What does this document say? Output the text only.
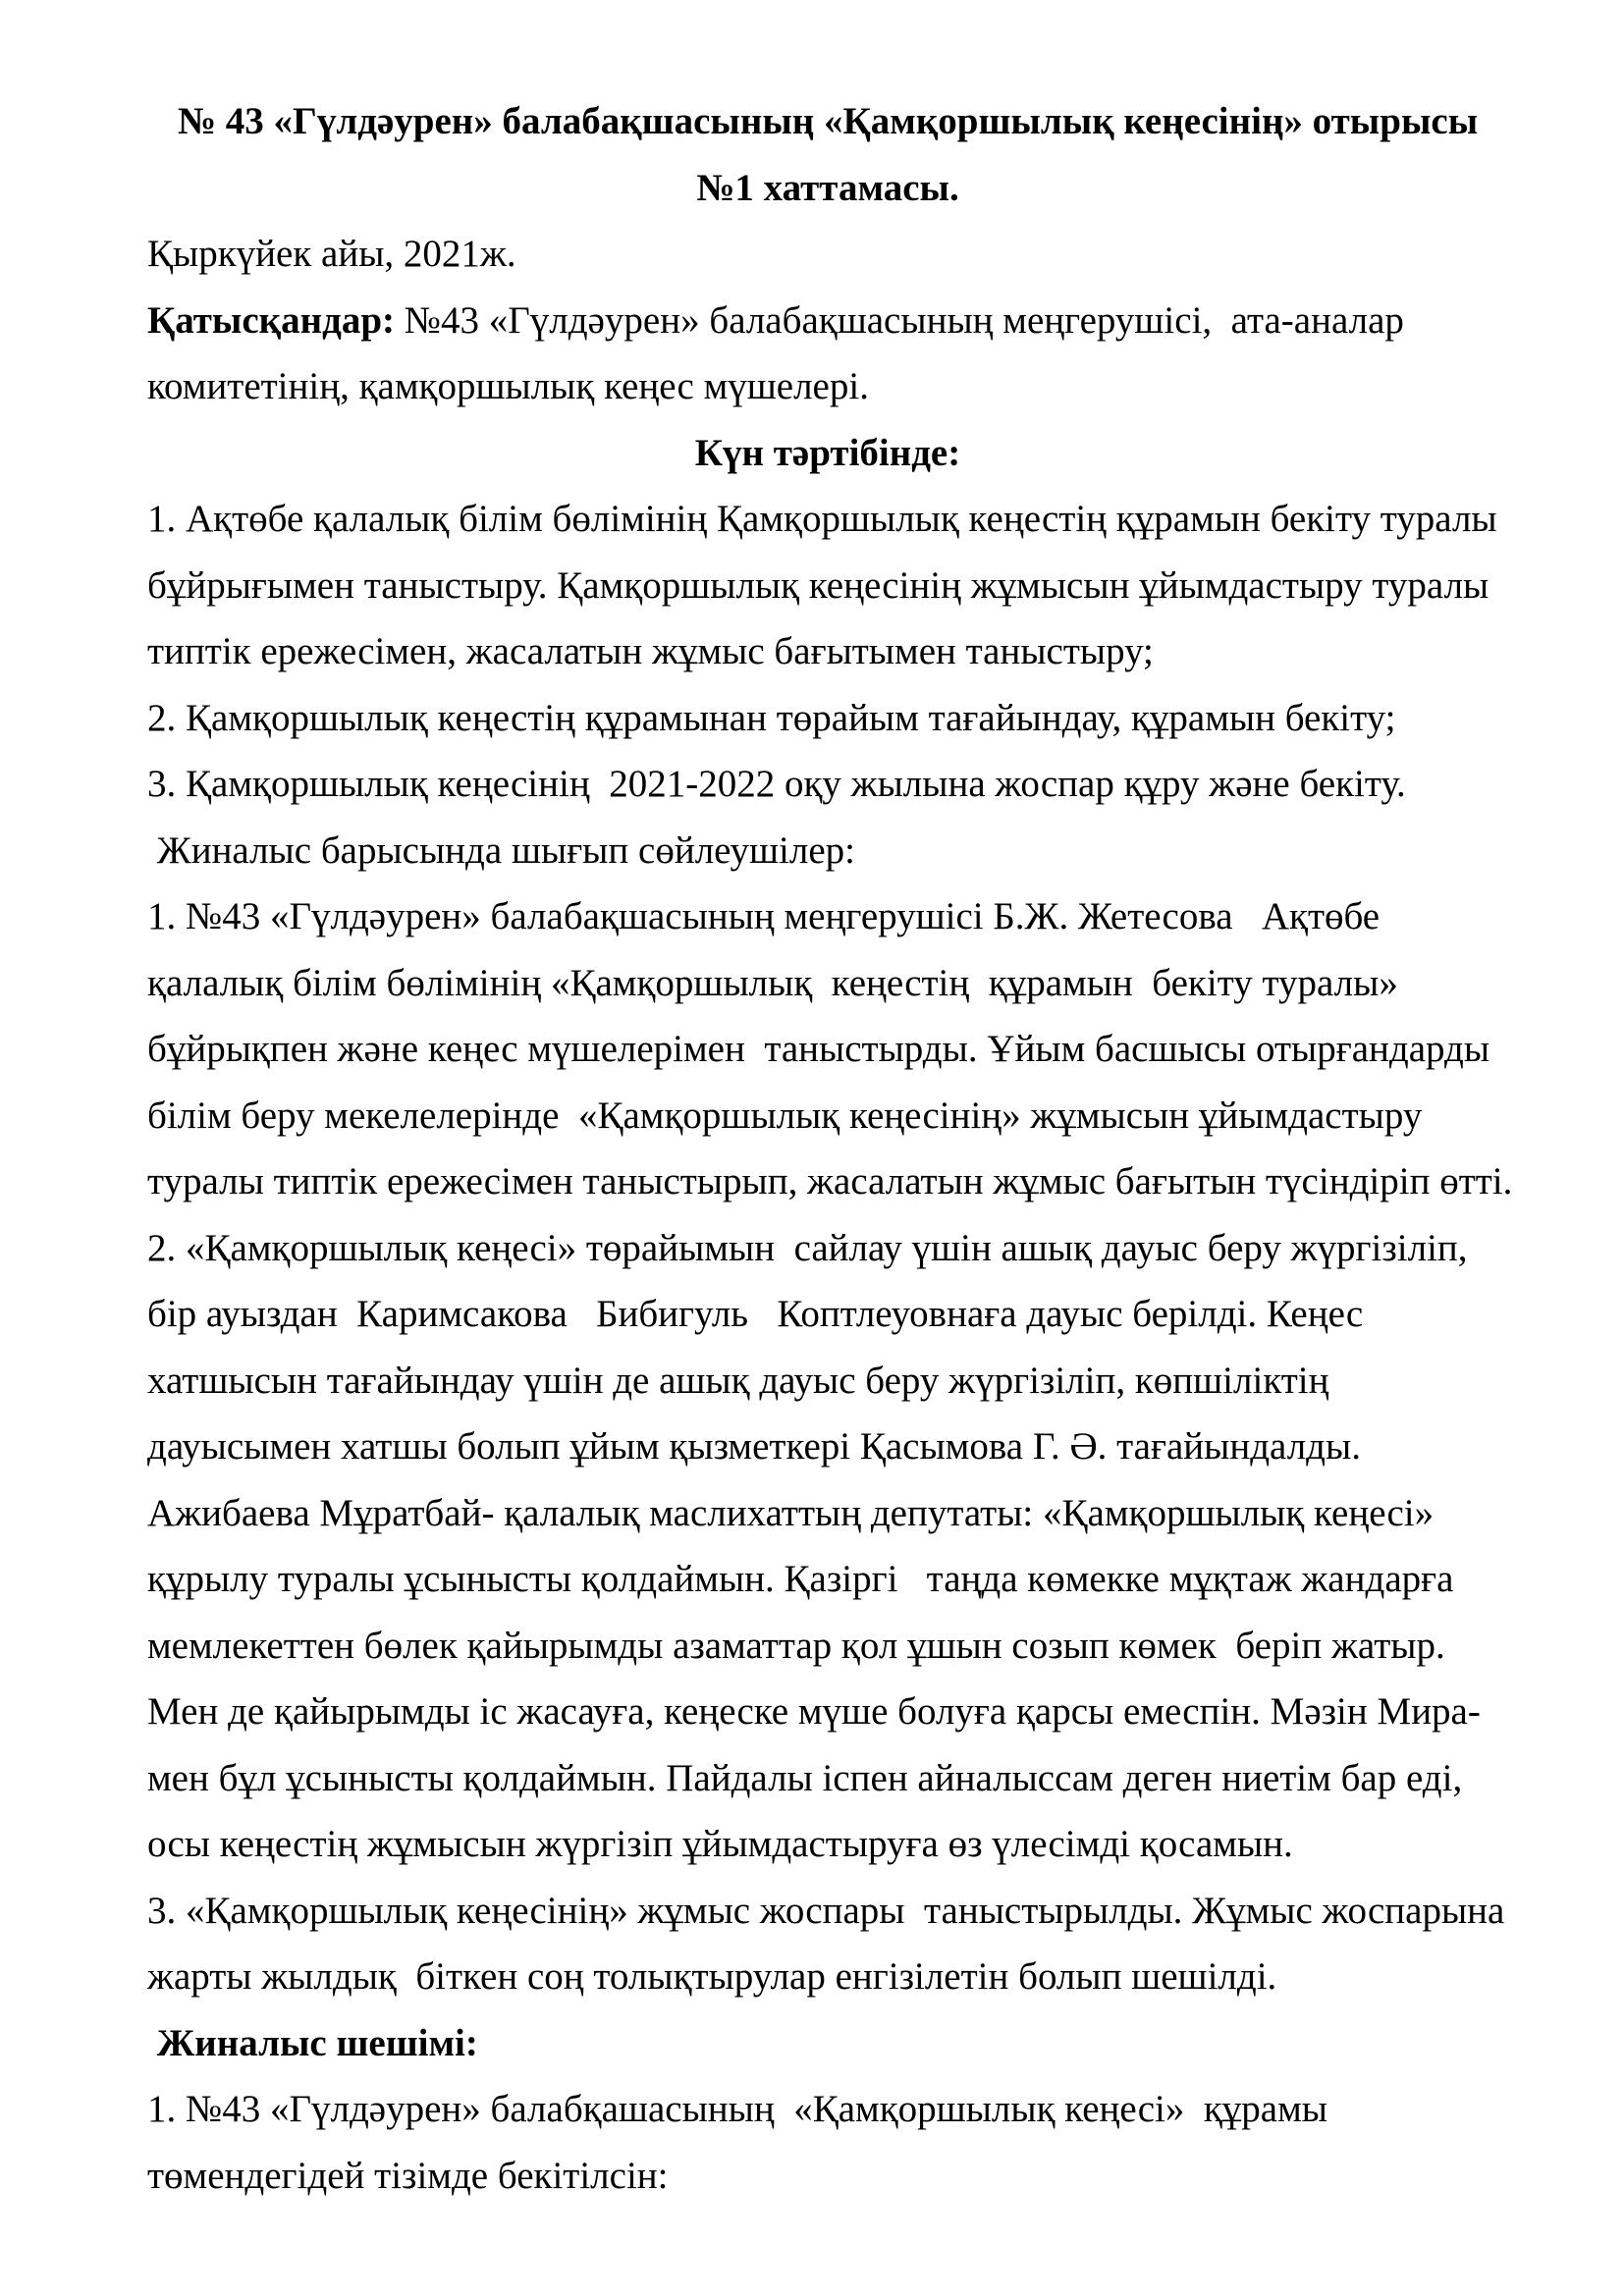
№ 43 «Гүлдәурен» балабақшасының «Қамқоршылық кеңесінің» отырысы
№1 хаттамасы.
Қыркүйек айы, 2021ж.
Қатысқандар: №43 «Гүлдәурен» балабақшасының меңгерушісі,  ата-аналар
комитетінің, қамқоршылық кеңес мүшелері.
Күн тәртібінде:
1. Ақтөбе қалалық білім бөлімінің Қамқоршылық кеңестің құрамын бекіту туралы
бұйрығымен таныстыру. Қамқоршылық кеңесінің жұмысын ұйымдастыру туралы
типтік ережесімен, жасалатын жұмыс бағытымен таныстыру;
2. Қамқоршылық кеңестің құрамынан төрайым тағайындау, құрамын бекіту;
3. Қамқоршылық кеңесінің  2021-2022 оқу жылына жоспар құру және бекіту.
Жиналыс барысында шығып сөйлеушілер:
1. №43 «Гүлдәурен» балабақшасының меңгерушісі Б.Ж. Жетесова   Ақтөбе
қалалық білім бөлімінің «Қамқоршылық  кеңестің  құрамын  бекіту туралы»
бұйрықпен және кеңес мүшелерімен  таныстырды. Ұйым басшысы отырғандарды
білім беру мекелелерінде  «Қамқоршылық кеңесінің» жұмысын ұйымдастыру
туралы типтік ережесімен таныстырып, жасалатын жұмыс бағытын түсіндіріп өтті.
2. «Қамқоршылық кеңесі» төрайымын  сайлау үшін ашық дауыс беру жүргізіліп,
бір ауыздан  Каримсакова   Бибигуль   Коптлеуовнаға дауыс берілді. Кеңес
хатшысын тағайындау үшін де ашық дауыс беру жүргізіліп, көпшіліктің
дауысымен хатшы болып ұйым қызметкері Қасымова Г. Ә. тағайындалды.
Ажибаева Мұратбай- қалалық маслихаттың депутаты: «Қамқоршылық кеңесі»
құрылу туралы ұсынысты қолдаймын. Қазіргі   таңда көмекке мұқтаж жандарға
мемлекеттен бөлек қайырымды азаматтар қол ұшын созып көмек  беріп жатыр.
Мен де қайырымды іс жасауға, кеңеске мүше болуға қарсы емеспін. Мәзін Мира-
мен бұл ұсынысты қолдаймын. Пайдалы іспен айналыссам деген ниетім бар еді,
осы кеңестің жұмысын жүргізіп ұйымдастыруға өз үлесімді қосамын.
3. «Қамқоршылық кеңесінің» жұмыс жоспары  таныстырылды. Жұмыс жоспарына
жарты жылдық  біткен соң толықтырулар енгізілетін болып шешілді.
Жиналыс шешімі:
1. №43 «Гүлдәурен» балабқашасының  «Қамқоршылық кеңесі»  құрамы
төмендегідей тізімде бекітілсін:
